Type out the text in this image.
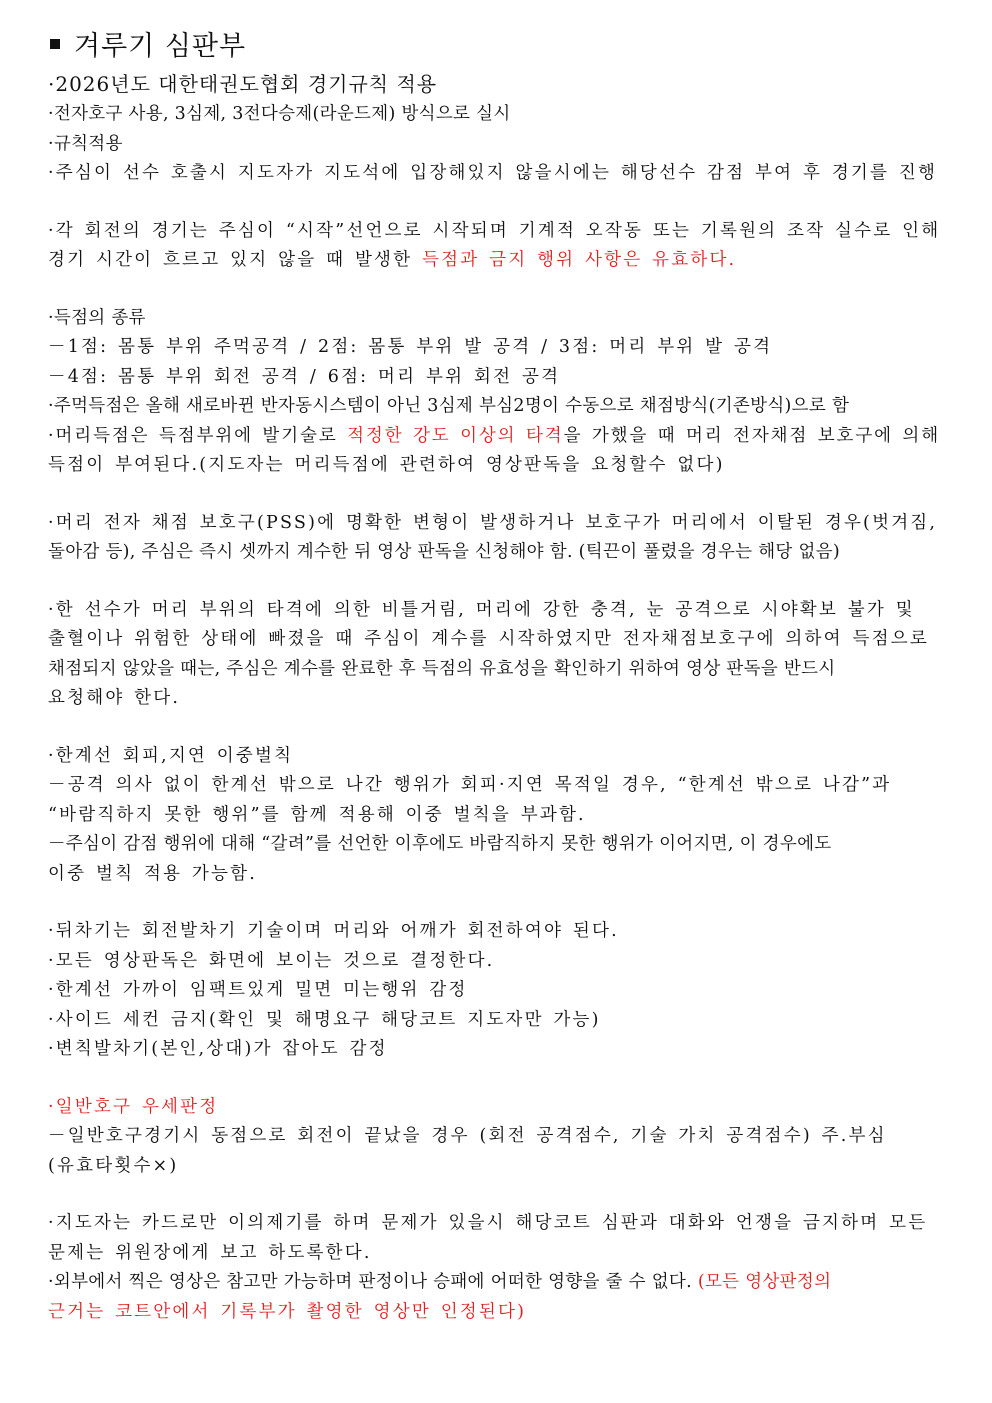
겨루기 심판부
·2026년도 대한태권도협회 경기규칙 적용
·전자호구 사용, 3심제, 3전다승제(라운드제) 방식으로 실시
·규칙적용
·주심이 선수 호출시 지도자가 지도석에 입장해있지 않을시에는 해당선수 감점 부여 후 경기를 진행
·각 회전의 경기는 주심이 “시작”선언으로 시작되며 기계적 오작동 또는 기록원의 조작 실수로 인해
경기 시간이 흐르고 있지 않을 때 발생한 득점과 금지 행위 사항은 유효하다.
·득점의 종류
－1점: 몸통 부위 주먹공격 / 2점: 몸통 부위 발 공격 / 3점: 머리 부위 발 공격
－4점: 몸통 부위 회전 공격 / 6점: 머리 부위 회전 공격
·주먹득점은 올해 새로바뀐 반자동시스템이 아닌 3심제 부심2명이 수동으로 채점방식(기존방식)으로 함
·머리득점은 득점부위에 발기술로 적정한 강도 이상의 타격을 가했을 때 머리 전자채점 보호구에 의해
득점이 부여된다.(지도자는 머리득점에 관련하여 영상판독을 요청할수 없다)
·머리 전자 채점 보호구(PSS)에 명확한 변형이 발생하거나 보호구가 머리에서 이탈된 경우(벗겨짐,
돌아감 등), 주심은 즉시 셋까지 계수한 뒤 영상 판독을 신청해야 함. (틱끈이 풀렸을 경우는 해당 없음)
·한 선수가 머리 부위의 타격에 의한 비틀거림, 머리에 강한 충격, 눈 공격으로 시야확보 불가 및
출혈이나 위험한 상태에 빠졌을 때 주심이 계수를 시작하였지만 전자채점보호구에 의하여 득점으로
채점되지 않았을 때는, 주심은 계수를 완료한 후 득점의 유효성을 확인하기 위하여 영상 판독을 반드시
요청해야 한다.
·한계선 회피,지연 이중벌칙
－공격 의사 없이 한계선 밖으로 나간 행위가 회피·지연 목적일 경우, “한계선 밖으로 나감”과
“바람직하지 못한 행위”를 함께 적용해 이중 벌칙을 부과함.
－주심이 감점 행위에 대해 “갈려”를 선언한 이후에도 바람직하지 못한 행위가 이어지면, 이 경우에도
이중 벌칙 적용 가능함.
·뒤차기는 회전발차기 기술이며 머리와 어깨가 회전하여야 된다.
·모든 영상판독은 화면에 보이는 것으로 결정한다.
·한계선 가까이 임팩트있게 밀면 미는행위 감정
·사이드 세컨 금지(확인 및 해명요구 해당코트 지도자만 가능)
·변칙발차기(본인,상대)가 잡아도 감정
·일반호구 우세판정
－일반호구경기시 동점으로 회전이 끝났을 경우 (회전 공격점수, 기술 가치 공격점수) 주.부심
(유효타횟수×)
·지도자는 카드로만 이의제기를 하며 문제가 있을시 해당코트 심판과 대화와 언쟁을 금지하며 모든
문제는 위원장에게 보고 하도록한다.
·외부에서 찍은 영상은 참고만 가능하며 판정이나 승패에 어떠한 영향을 줄 수 없다. (모든 영상판정의
근거는 코트안에서 기록부가 촬영한 영상만 인정된다)
